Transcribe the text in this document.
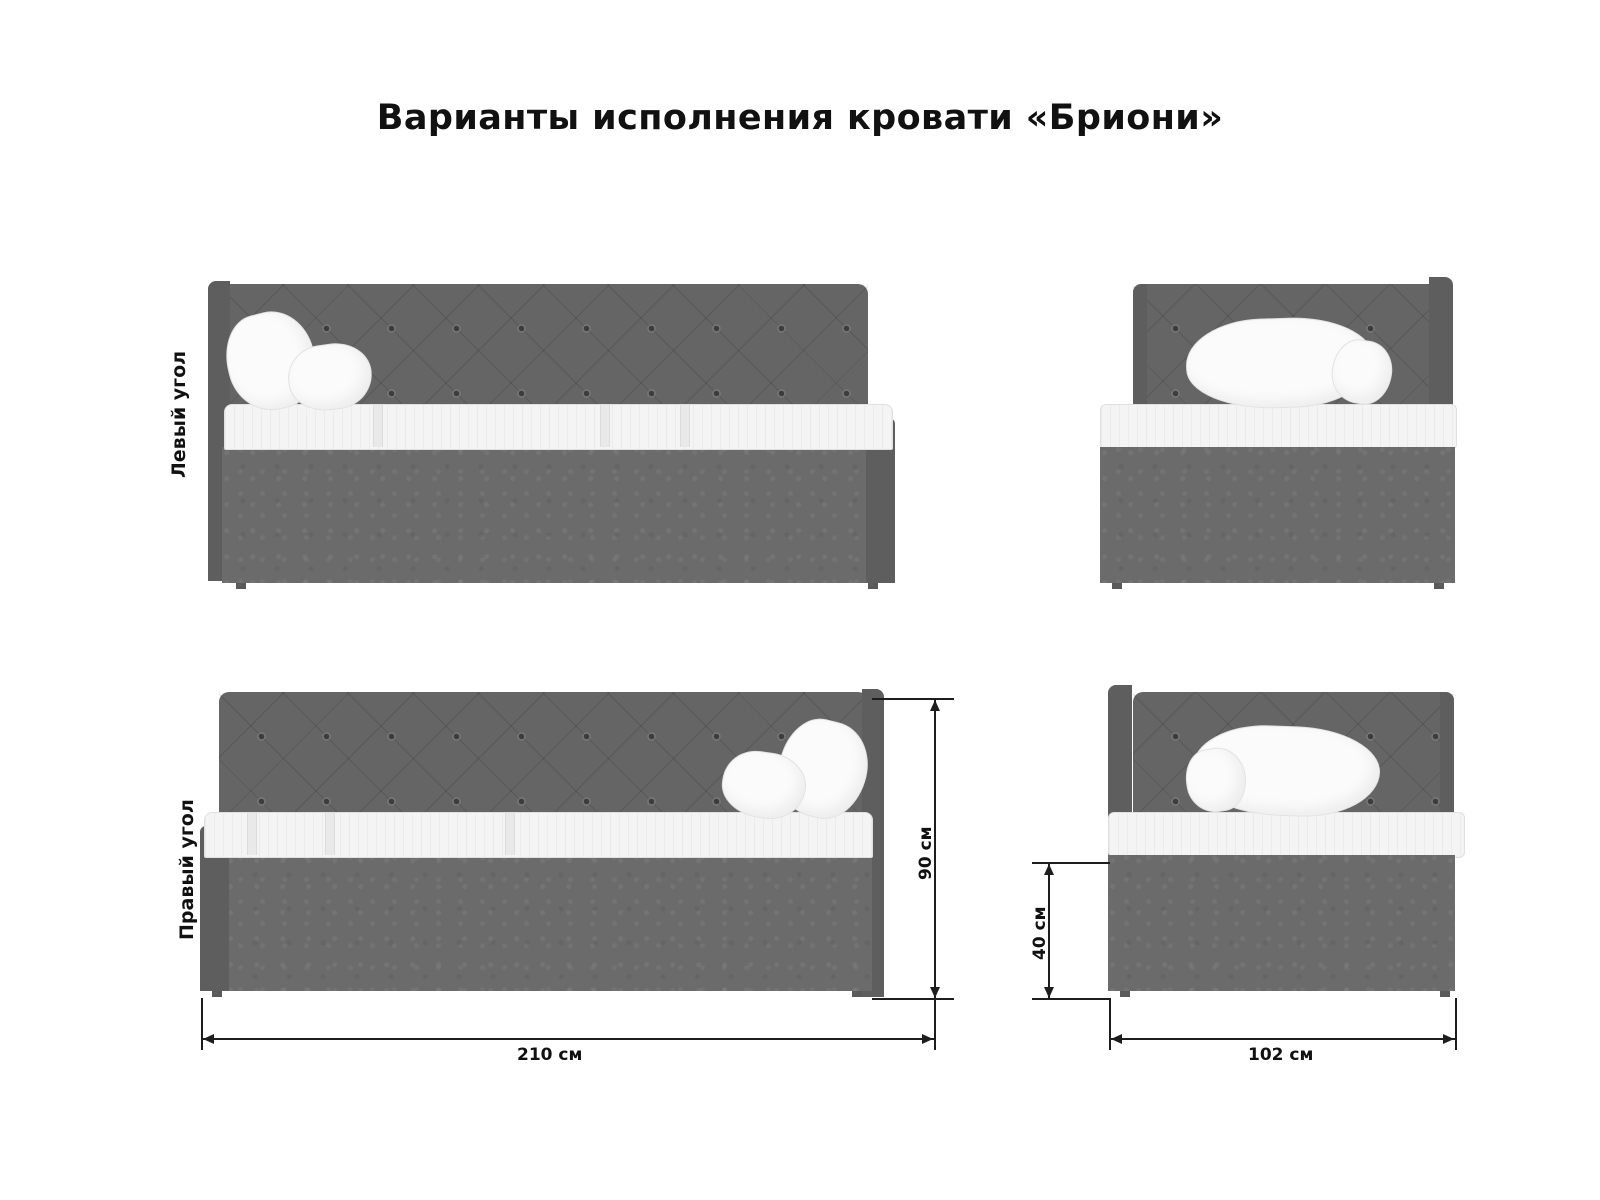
Варианты исполнения кровати «Бриони»
Левый угол
Правый угол	90 см
210 см
40 см
102 см
